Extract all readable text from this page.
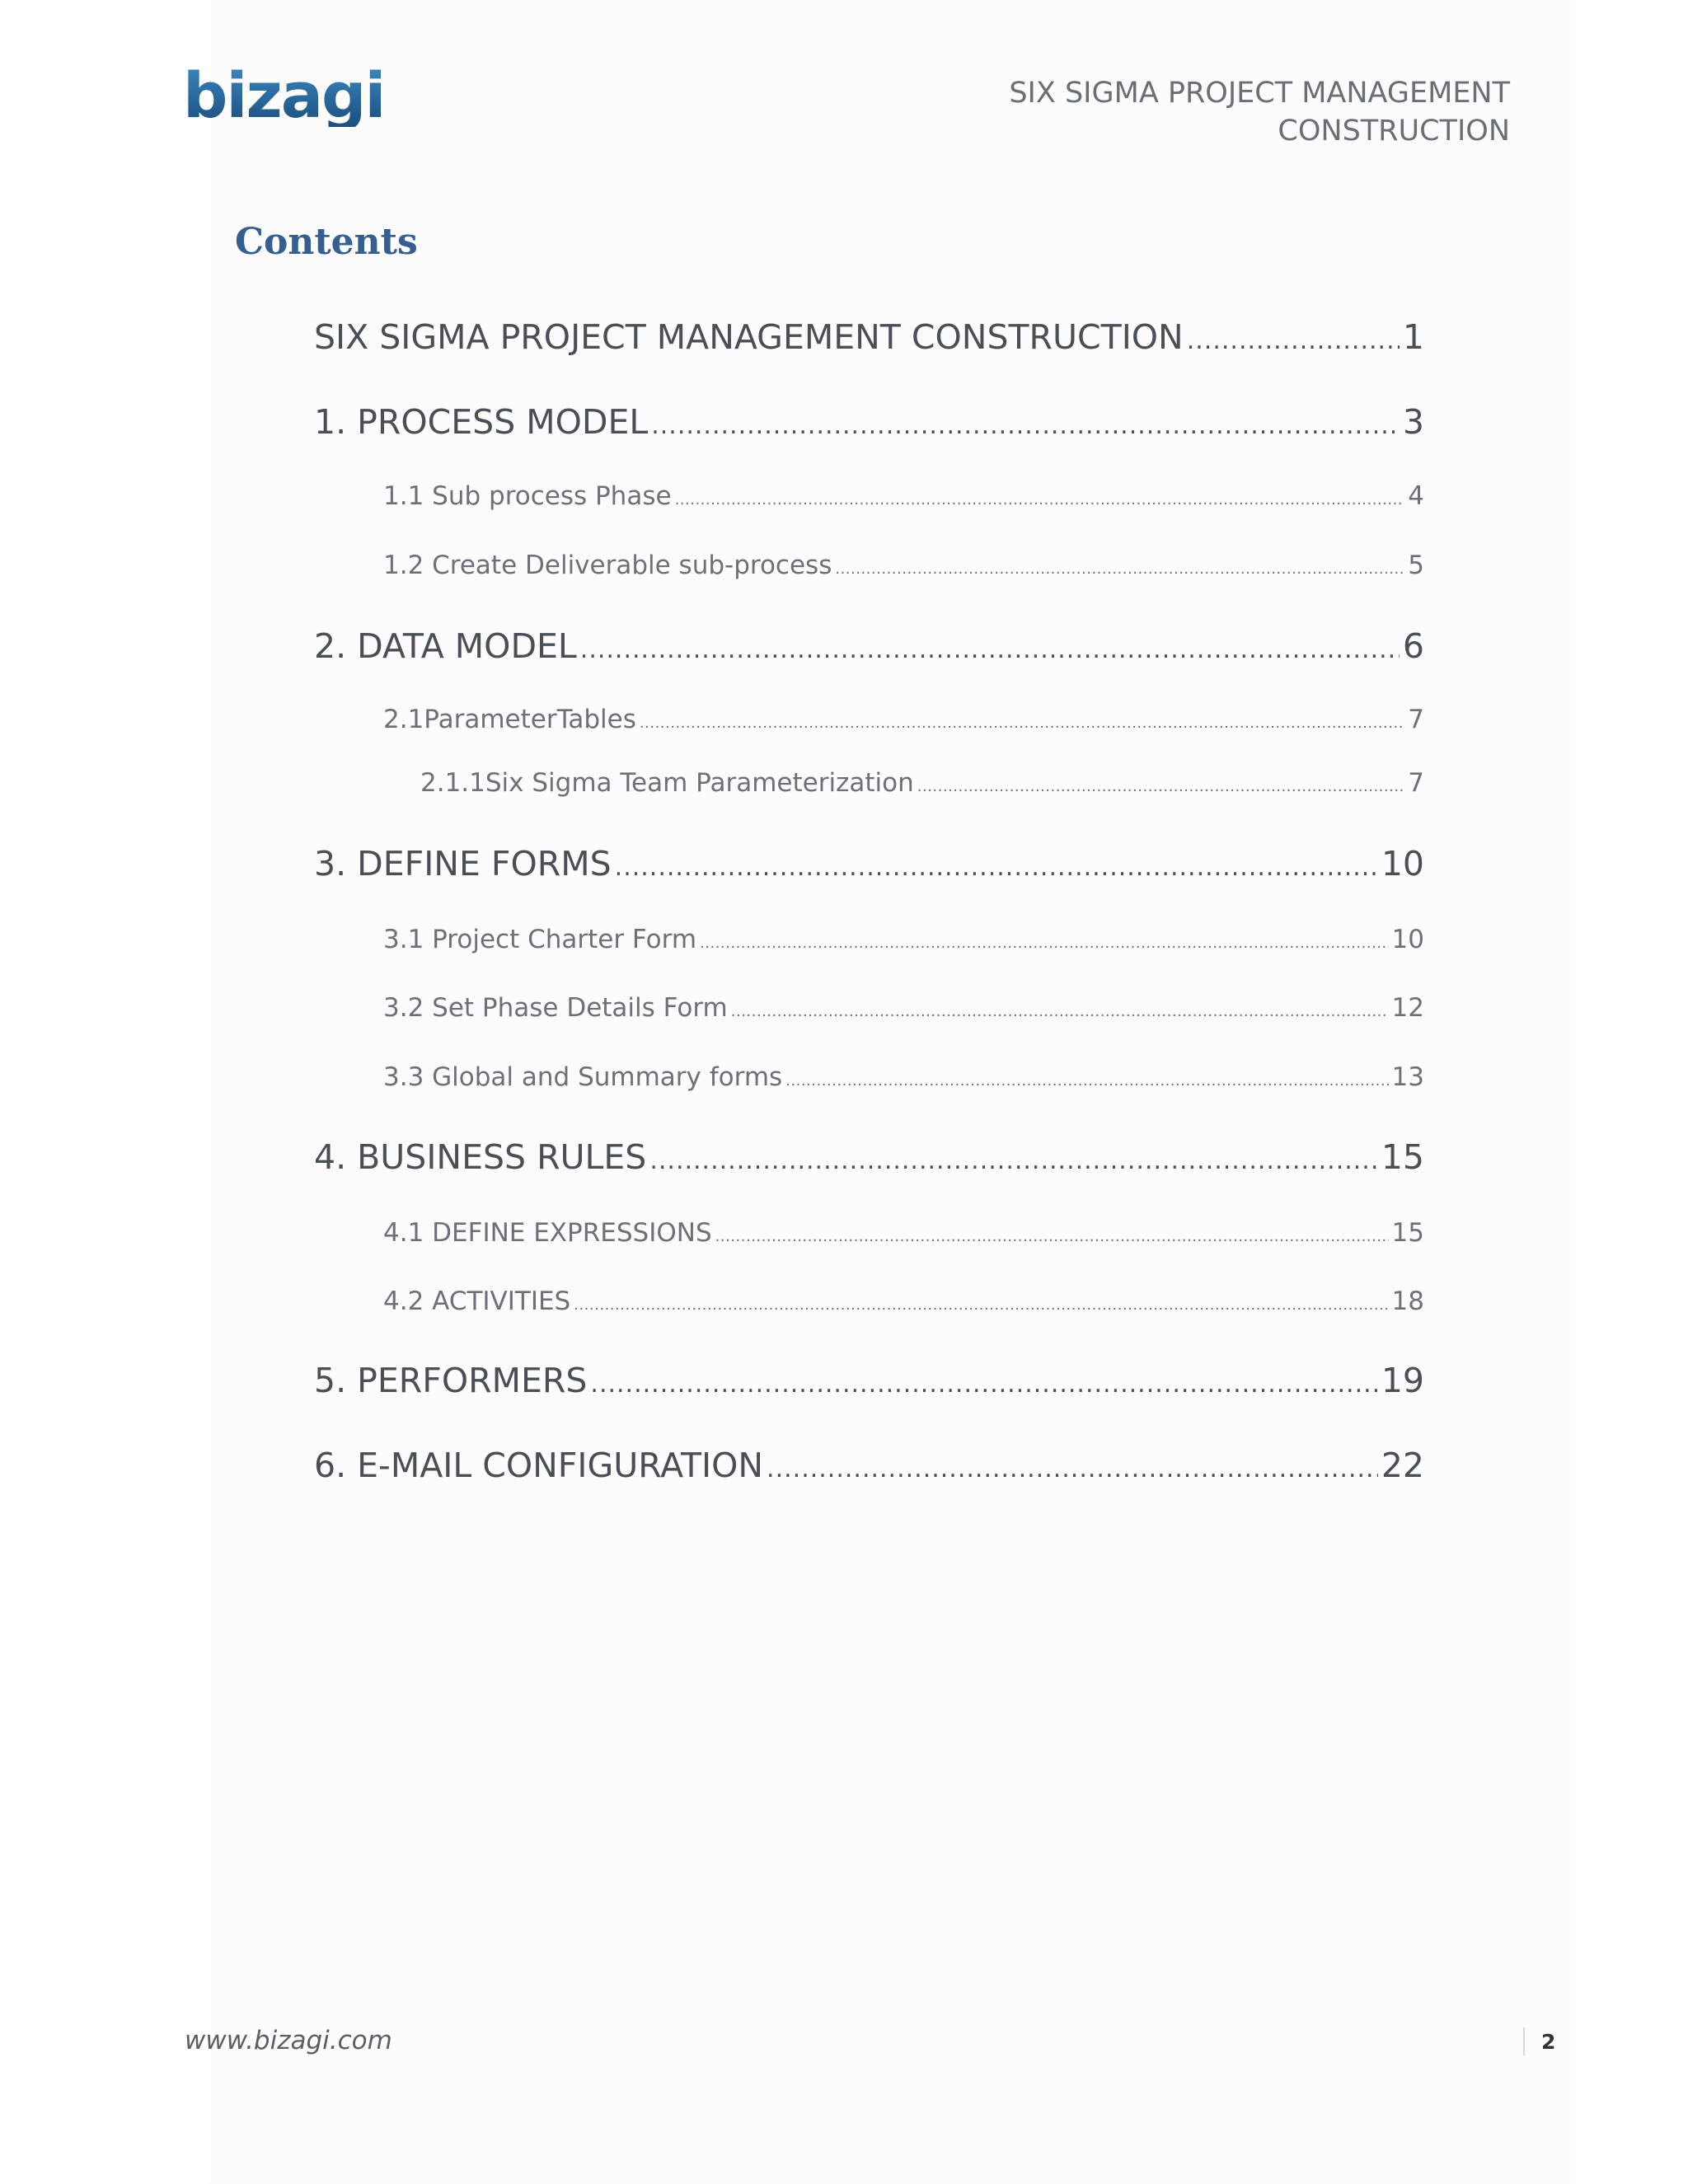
bizagi	SIX SIGMA PROJECT MANAGEMENT
CONSTRUCTION
Contents
SIX SIGMA PROJECT MANAGEMENT CONSTRUCTION .....	1
1. PROCESS MODEL .....	3
1.1 Sub process Phase .....	4
1.2 Create Deliverable sub-process .....	5
2. DATA MODEL .....	6
2.1ParameterTables .....	7
2.1.1Six Sigma Team Parameterization .....	7
3. DEFINE FORMS .....	10
3.1 Project Charter Form .....	10
3.2 Set Phase Details Form .....	12
3.3 Global and Summary forms .....	13
4. BUSINESS RULES .....	15
4.1 DEFINE EXPRESSIONS .....	15
4.2 ACTIVITIES .....	18
5. PERFORMERS .....	19
6. E-MAIL CONFIGURATION .....	22
www.bizagi.com	2
